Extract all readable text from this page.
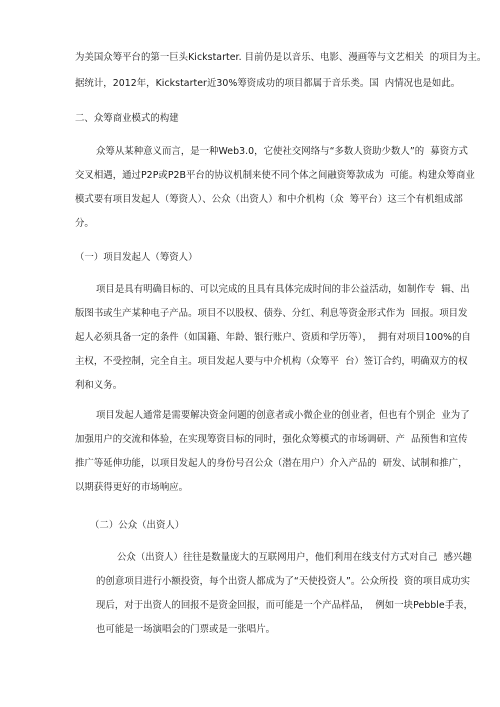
为美国众筹平台的第一巨头Kickstarter. 目前仍是以音乐、电影、漫画等与文艺相关  的项目为主。
据统计，2012年，Kickstarter近30%筹资成功的项目都属于音乐类。国  内情况也是如此。
二、众筹商业模式的构建
众筹从某种意义而言，是一种Web3.0，它使社交网络与“多数人资助少数人”的  募资方式
交叉相遇，通过P2P或P2B平台的协议机制来使不同个体之间融资筹款成为  可能。构建众筹商业
模式要有项目发起人（筹资人）、公众（出资人）和中介机构（众  筹平台）这三个有机组成部
分。
（一）项目发起人（筹资人）
项目是具有明确目标的、可以完成的且具有具体完成时间的非公益活动，如制作专  辑、出
版图书或生产某种电子产品。项目不以股权、债券、分红、利息等资金形式作为  回报。项目发
起人必须具备一定的条件（如国籍、年龄、银行账户、资质和学历等），  拥有对项目100%的自
主权，不受控制，完全自主。项目发起人要与中介机构（众筹平  台）签订合约，明确双方的权
利和义务。
项目发起人通常是需要解决资金问题的创意者或小微企业的创业者，但也有个别企  业为了
加强用户的交流和体验，在实现筹资目标的同时，强化众筹模式的市场调研、产  品预售和宣传
推广等延伸功能，以项目发起人的身份号召公众（潜在用户）介入产品的  研发、试制和推广，
以期获得更好的市场响应。
（二）公众（出资人）
公众（出资人）往往是数量庞大的互联网用户，他们利用在线支付方式对自己  感兴趣
的创意项目进行小额投资，每个出资人都成为了“天使投资人”。公众所投  资的项目成功实
现后，对于出资人的回报不是资金回报，而可能是一个产品样品，  例如一块Pebble手表，
也可能是一场演唱会的门票或是一张唱片。
